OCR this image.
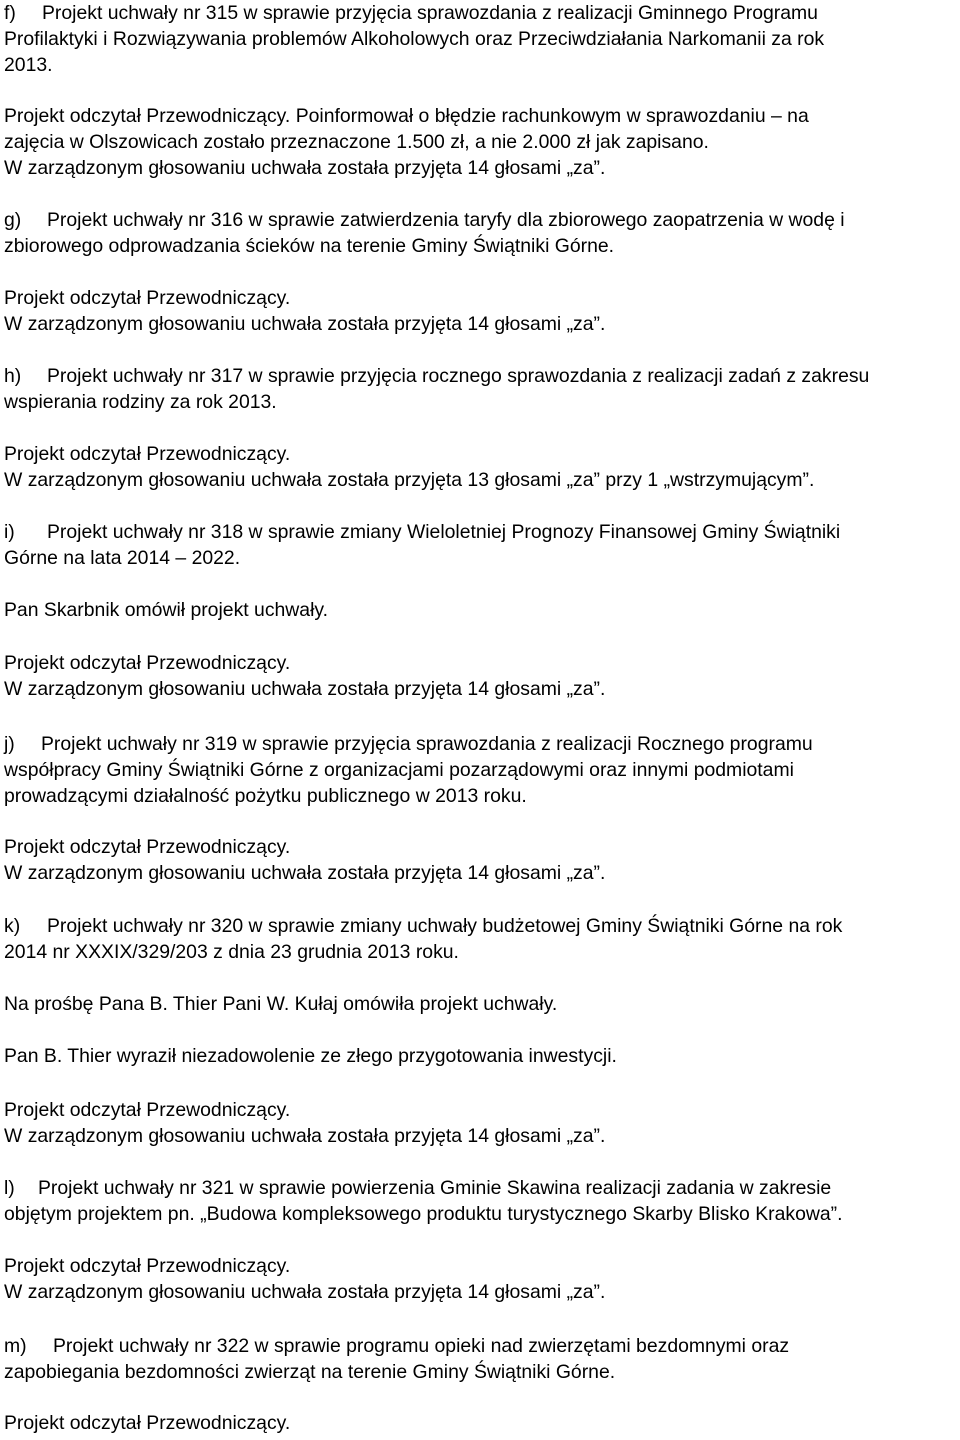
f) Projekt uchwały nr 315 w sprawie przyjęcia sprawozdania z realizacji Gminnego Programu
Profilaktyki i Rozwiązywania problemów Alkoholowych oraz Przeciwdziałania Narkomanii za rok
2013.
Projekt odczytał Przewodniczący. Poinformował o błędzie rachunkowym w sprawozdaniu – na
zajęcia w Olszowicach zostało przeznaczone 1.500 zł, a nie 2.000 zł jak zapisano.
W zarządzonym głosowaniu uchwała została przyjęta 14 głosami „za”.
g) Projekt uchwały nr 316 w sprawie zatwierdzenia taryfy dla zbiorowego zaopatrzenia w wodę i
zbiorowego odprowadzania ścieków na terenie Gminy Świątniki Górne.
Projekt odczytał Przewodniczący.
W zarządzonym głosowaniu uchwała została przyjęta 14 głosami „za”.
h) Projekt uchwały nr 317 w sprawie przyjęcia rocznego sprawozdania z realizacji zadań z zakresu
wspierania rodziny za rok 2013.
Projekt odczytał Przewodniczący.
W zarządzonym głosowaniu uchwała została przyjęta 13 głosami „za” przy 1 „wstrzymującym”.
i) Projekt uchwały nr 318 w sprawie zmiany Wieloletniej Prognozy Finansowej Gminy Świątniki
Górne na lata 2014 – 2022.
Pan Skarbnik omówił projekt uchwały.
Projekt odczytał Przewodniczący.
W zarządzonym głosowaniu uchwała została przyjęta 14 głosami „za”.
j) Projekt uchwały nr 319 w sprawie przyjęcia sprawozdania z realizacji Rocznego programu
współpracy Gminy Świątniki Górne z organizacjami pozarządowymi oraz innymi podmiotami
prowadzącymi działalność pożytku publicznego w 2013 roku.
Projekt odczytał Przewodniczący.
W zarządzonym głosowaniu uchwała została przyjęta 14 głosami „za”.
k) Projekt uchwały nr 320 w sprawie zmiany uchwały budżetowej Gminy Świątniki Górne na rok
2014 nr XXXIX/329/203 z dnia 23 grudnia 2013 roku.
Na prośbę Pana B. Thier Pani W. Kułaj omówiła projekt uchwały.
Pan B. Thier wyraził niezadowolenie ze złego przygotowania inwestycji.
Projekt odczytał Przewodniczący.
W zarządzonym głosowaniu uchwała została przyjęta 14 głosami „za”.
l) Projekt uchwały nr 321 w sprawie powierzenia Gminie Skawina realizacji zadania w zakresie
objętym projektem pn. „Budowa kompleksowego produktu turystycznego Skarby Blisko Krakowa”.
Projekt odczytał Przewodniczący.
W zarządzonym głosowaniu uchwała została przyjęta 14 głosami „za”.
m) Projekt uchwały nr 322 w sprawie programu opieki nad zwierzętami bezdomnymi oraz
zapobiegania bezdomności zwierząt na terenie Gminy Świątniki Górne.
Projekt odczytał Przewodniczący.
